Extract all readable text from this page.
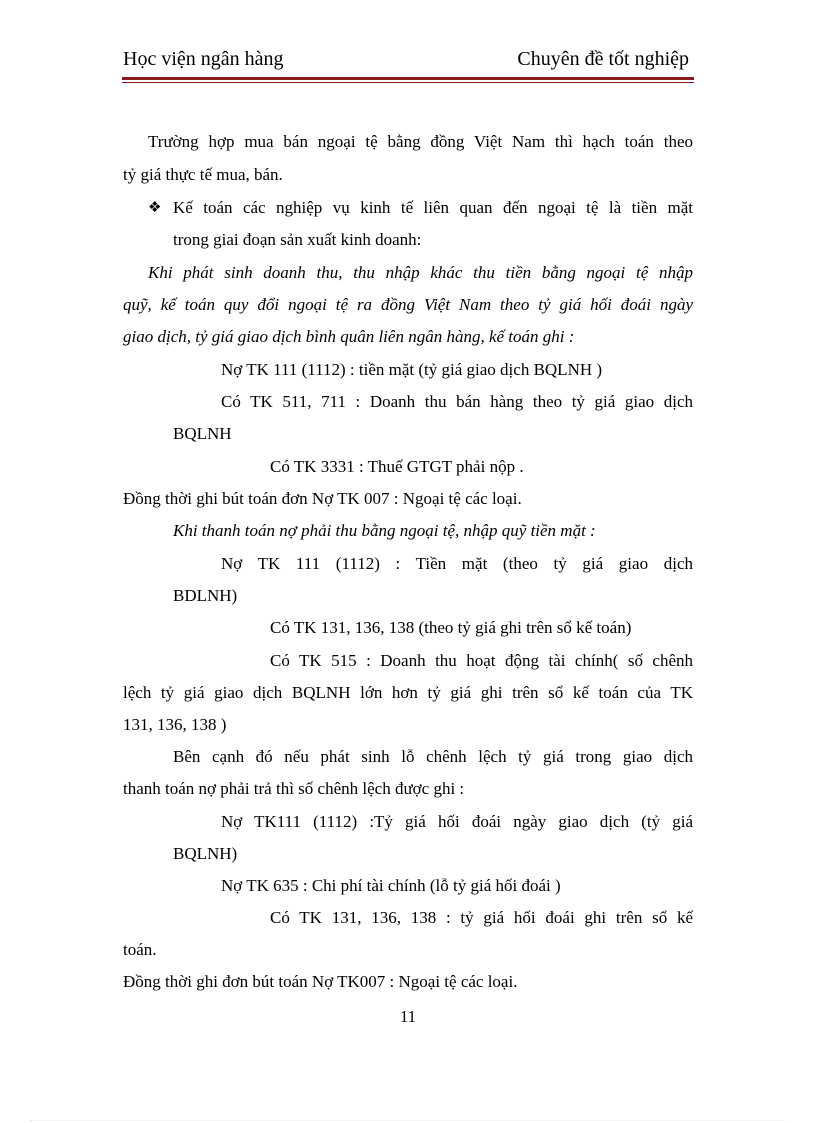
Học viện ngân hàng	Chuyên đề tốt nghiệp
Trường hợp mua bán ngoại tệ bằng đồng Việt Nam thì hạch toán theo
tỷ giá thực tế mua, bán.
❖ Kế toán các nghiệp vụ kinh tế liên quan đến ngoại tệ là tiền mặt
trong giai đoạn sản xuất kinh doanh:
Khi phát sinh doanh thu, thu nhập khác thu tiền bằng ngoại tệ nhập
quỹ, kế toán quy đổi ngoại tệ ra đồng Việt Nam theo tỷ giá hối đoái ngày
giao dịch, tỷ giá giao dịch bình quân liên ngân hàng, kế toán ghi :
Nợ TK 111 (1112) : tiền mặt (tỷ giá giao dịch BQLNH )
Có TK 511, 711 : Doanh thu bán hàng theo tỷ giá giao dịch
BQLNH
Có TK 3331 : Thuế GTGT phải nộp .
Đồng thời ghi bút toán đơn Nợ TK 007 : Ngoại tệ các loại.
Khi thanh toán nợ phải thu bằng ngoại tệ, nhập quỹ tiền mặt :
Nợ TK 111 (1112) : Tiền mặt (theo tỷ giá giao dịch
BDLNH)
Có TK 131, 136, 138 (theo tỷ giá ghi trên sổ kế toán)
Có TK 515 : Doanh thu hoạt động tài chính( số chênh
lệch tỷ giá giao dịch BQLNH lớn hơn tỷ giá ghi trên sổ kế toán của TK
131, 136, 138 )
Bên cạnh đó nếu phát sinh lỗ chênh lệch tỷ giá trong giao dịch
thanh toán nợ phải trả thì số chênh lệch được ghi :
Nợ TK111 (1112) :Tỷ giá hối đoái ngày giao dịch (tỷ giá
BQLNH)
Nợ TK 635 : Chi phí tài chính (lỗ tỷ giá hối đoái )
Có TK 131, 136, 138 : tỷ giá hối đoái ghi trên sổ kế
toán.
Đồng thời ghi đơn bút toán Nợ TK007 : Ngoại tệ các loại.
11
